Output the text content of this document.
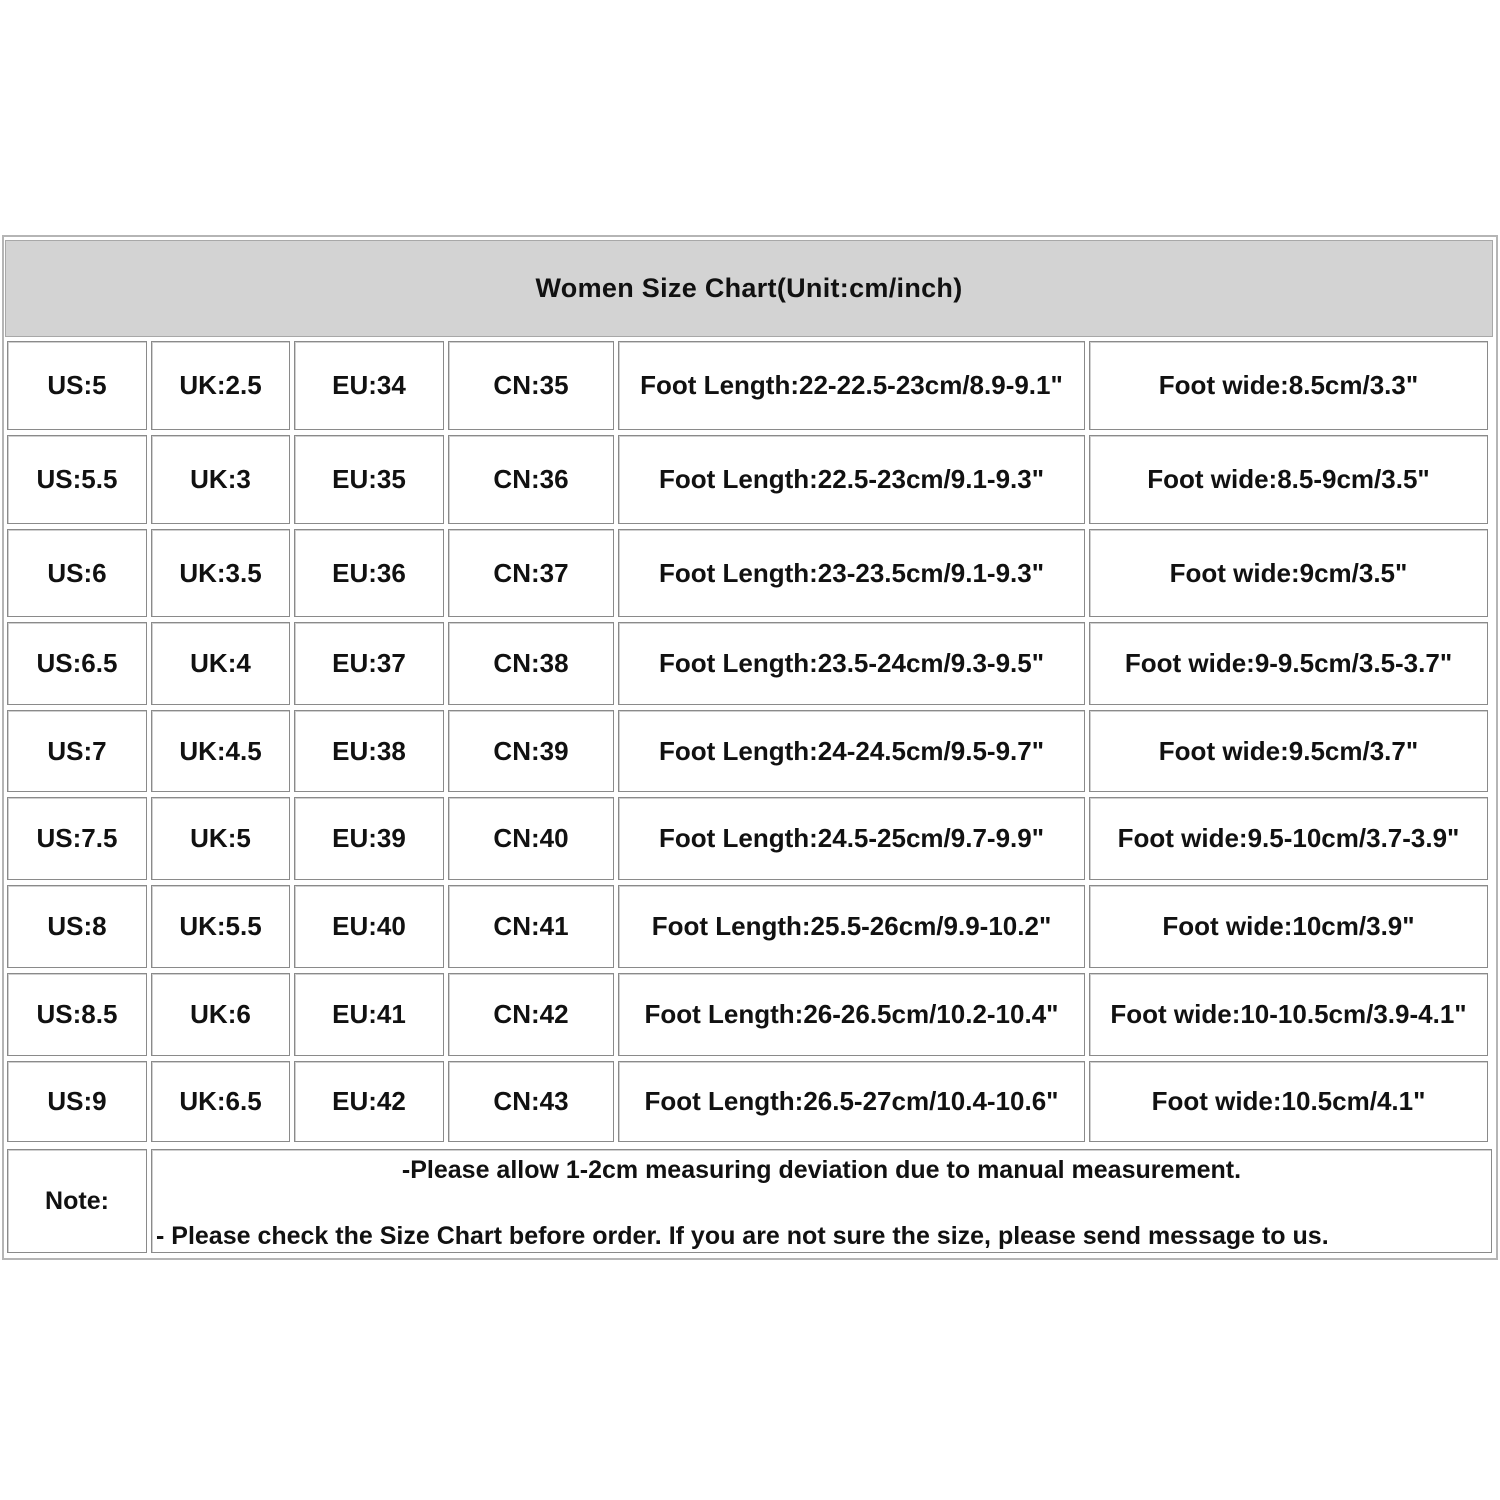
Women Size Chart(Unit:cm/inch)
US:5	UK:2.5	EU:34	CN:35	Foot Length:22-22.5-23cm/8.9-9.1"	Foot wide:8.5cm/3.3"
US:5.5	UK:3	EU:35	CN:36	Foot Length:22.5-23cm/9.1-9.3"	Foot wide:8.5-9cm/3.5"
US:6	UK:3.5	EU:36	CN:37	Foot Length:23-23.5cm/9.1-9.3"	Foot wide:9cm/3.5"
US:6.5	UK:4	EU:37	CN:38	Foot Length:23.5-24cm/9.3-9.5"	Foot wide:9-9.5cm/3.5-3.7"
US:7	UK:4.5	EU:38	CN:39	Foot Length:24-24.5cm/9.5-9.7"	Foot wide:9.5cm/3.7"
US:7.5	UK:5	EU:39	CN:40	Foot Length:24.5-25cm/9.7-9.9"	Foot wide:9.5-10cm/3.7-3.9"
US:8	UK:5.5	EU:40	CN:41	Foot Length:25.5-26cm/9.9-10.2"	Foot wide:10cm/3.9"
US:8.5	UK:6	EU:41	CN:42	Foot Length:26-26.5cm/10.2-10.4"	Foot wide:10-10.5cm/3.9-4.1"
US:9	UK:6.5	EU:42	CN:43	Foot Length:26.5-27cm/10.4-10.6"	Foot wide:10.5cm/4.1"
Note:
-Please allow 1-2cm measuring deviation due to manual measurement.
- Please check the Size Chart before order. If you are not sure the size, please send message to us.
